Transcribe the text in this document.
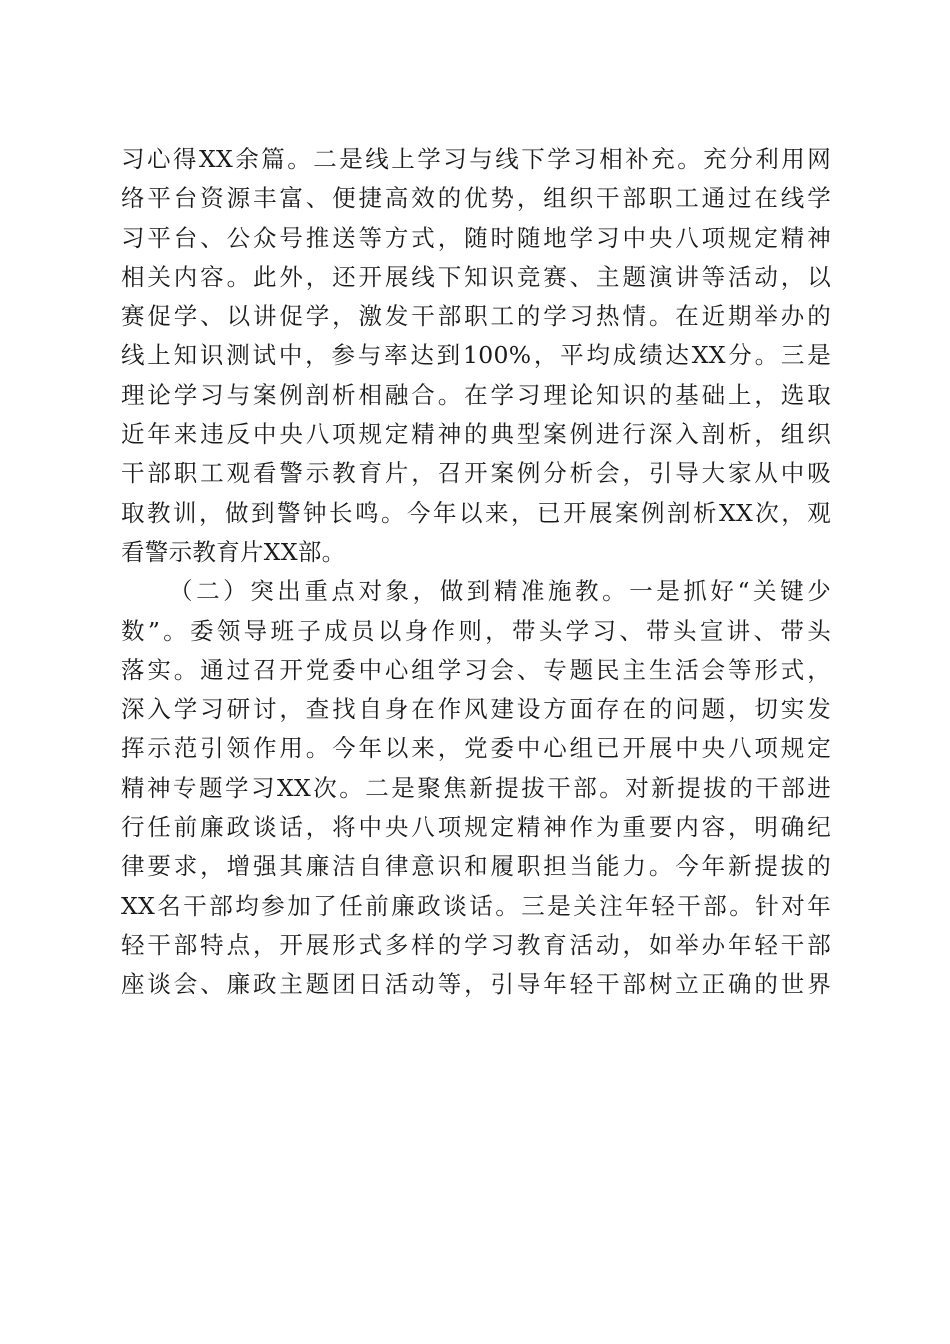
习心得XX余篇。二是线上学习与线下学习相补充。充分利用网
络平台资源丰富、便捷高效的优势，组织干部职工通过在线学
习平台、公众号推送等方式，随时随地学习中央八项规定精神
相关内容。此外，还开展线下知识竞赛、主题演讲等活动，以
赛促学、以讲促学，激发干部职工的学习热情。在近期举办的
线上知识测试中，参与率达到100%，平均成绩达XX分。三是
理论学习与案例剖析相融合。在学习理论知识的基础上，选取
近年来违反中央八项规定精神的典型案例进行深入剖析，组织
干部职工观看警示教育片，召开案例分析会，引导大家从中吸
取教训，做到警钟长鸣。今年以来，已开展案例剖析XX次，观
看警示教育片XX部。
（二）突出重点对象，做到精准施教。一是抓好“关键少
数”。委领导班子成员以身作则，带头学习、带头宣讲、带头
落实。通过召开党委中心组学习会、专题民主生活会等形式，
深入学习研讨，查找自身在作风建设方面存在的问题，切实发
挥示范引领作用。今年以来，党委中心组已开展中央八项规定
精神专题学习XX次。二是聚焦新提拔干部。对新提拔的干部进
行任前廉政谈话，将中央八项规定精神作为重要内容，明确纪
律要求，增强其廉洁自律意识和履职担当能力。今年新提拔的
XX名干部均参加了任前廉政谈话。三是关注年轻干部。针对年
轻干部特点，开展形式多样的学习教育活动，如举办年轻干部
座谈会、廉政主题团日活动等，引导年轻干部树立正确的世界
